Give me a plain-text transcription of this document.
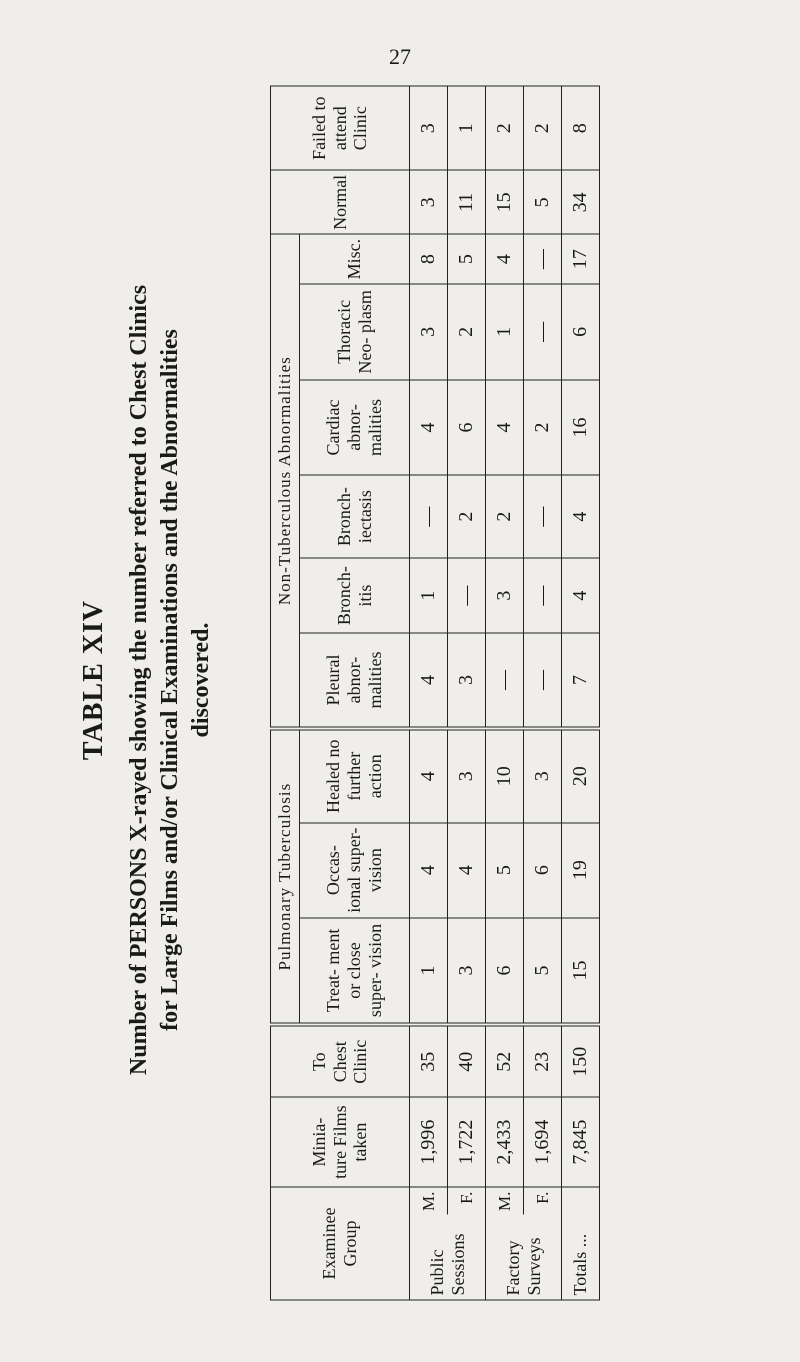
27
TABLE XIV Number of PERSONS X-rayed showing the number referred to Chest Clinics for Large Films and/or Clinical Examinations and the Abnormalities discovered.
Examinee Group		Minia- ture Films taken	To Chest Clinic	Pulmonary Tuberculosis			Non-Tuberculous Abnormalities						Normal	Failed to attend Clinic
				Treat- ment or close super- vision	Occas- ional super- vision	Healed no further action	Pleural abnor- malities	Bronch- itis	Bronch- iectasis	Cardiac abnor- malities	Thoracic Neo- plasm	Misc.		
Public Sessions	M.	1,996	35	1	4	4	4	1	—	4	3	8	3	3
	F.	1,722	40	3	4	3	3	—	2	6	2	5	11	1
Factory Surveys	M.	2,433	52	6	5	10	—	3	2	4	1	4	15	2
	F.	1,694	23	5	6	3	—	—	—	2	—	—	5	2
Totals ...		7,845	150	15	19	20	7	4	4	16	6	17	34	8
